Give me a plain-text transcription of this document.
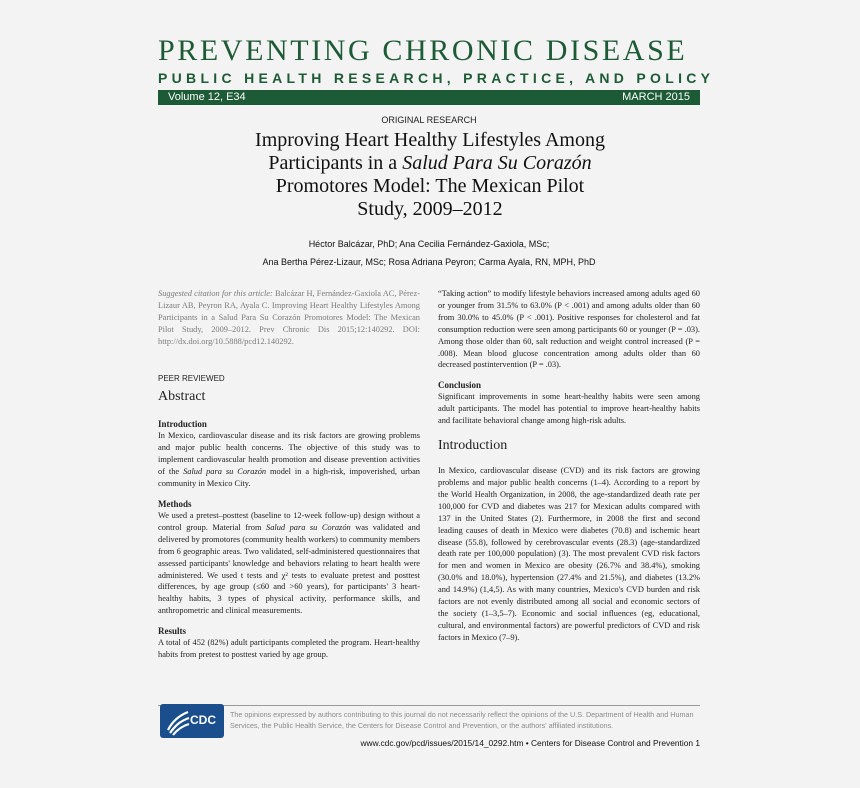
PREVENTING CHRONIC DISEASE
PUBLIC HEALTH RESEARCH, PRACTICE, AND POLICY
Volume 12, E34	MARCH 2015
ORIGINAL RESEARCH
Improving Heart Healthy Lifestyles Among
Participants in a Salud Para Su Corazón
Promotores Model: The Mexican Pilot
Study, 2009–2012
Héctor Balcázar, PhD; Ana Cecilia Fernández-Gaxiola, MSc;
Ana Bertha Pérez-Lizaur, MSc; Rosa Adriana Peyron; Carma Ayala, RN, MPH, PhD

Suggested citation for this article: Balcázar H, Fernández-Gaxiola AC, Pérez-Lizaur AB, Peyron RA, Ayala C. Improving Heart Healthy Lifestyles Among Participants in a Salud Para Su Corazón Promotores Model: The Mexican Pilot Study, 2009–2012. Prev Chronic Dis 2015;12:140292. DOI: http://dx.doi.org/10.5888/pcd12.140292.

PEER REVIEWED
Abstract
Introduction

In Mexico, cardiovascular disease and its risk factors are growing problems and major public health concerns. The objective of this study was to implement cardiovascular health promotion and disease prevention activities of the Salud para su Corazón model in a high-risk, impoverished, urban community in Mexico City.

Methods

We used a pretest–posttest (baseline to 12-week follow-up) design without a control group. Material from Salud para su Corazón was validated and delivered by promotores (community health workers) to community members from 6 geographic areas. Two validated, self-administered questionnaires that assessed participants' knowledge and behaviors relating to heart health were administered. We used t tests and χ² tests to evaluate pretest and posttest differences, by age group (≤60 and >60 years), for participants' 3 heart-healthy habits, 3 types of physical activity, performance skills, and anthropometric and clinical measurements.

Results

A total of 452 (82%) adult participants completed the program. Heart-healthy habits from pretest to posttest varied by age group.

“Taking action” to modify lifestyle behaviors increased among adults aged 60 or younger from 31.5% to 63.0% (P < .001) and among adults older than 60 from 30.0% to 45.0% (P < .001). Positive responses for cholesterol and fat consumption reduction were seen among participants 60 or younger (P = .03). Among those older than 60, salt reduction and weight control increased (P = .008). Mean blood glucose concentration among adults older than 60 decreased postintervention (P = .03).

Conclusion

Significant improvements in some heart-healthy habits were seen among adult participants. The model has potential to improve heart-healthy habits and facilitate behavioral change among high-risk adults.

Introduction

In Mexico, cardiovascular disease (CVD) and its risk factors are growing problems and major public health concerns (1–4). According to a report by the World Health Organization, in 2008, the age-standardized death rate per 100,000 for CVD and diabetes was 217 for Mexican adults compared with 137 in the United States (2). Furthermore, in 2008 the first and second leading causes of death in Mexico were diabetes (70.8) and ischemic heart disease (55.8), followed by cerebrovascular events (28.3) (age-standardized death rate per 100,000 population) (3). The most prevalent CVD risk factors for men and women in Mexico are obesity (26.7% and 38.4%), smoking (30.0% and 18.0%), hypertension (27.4% and 21.5%), and diabetes (13.2% and 14.9%) (1,4,5). As with many countries, Mexico's CVD burden and risk factors are not evenly distributed among all social and economic sectors of the society (1–3,5–7). Economic and social influences (eg, educational, cultural, and environmental factors) are powerful predictors of CVD and risk factors in Mexico (7–9).

CDC The opinions expressed by authors contributing to this journal do not necessarily reflect the opinions of the U.S. Department of Health and Human Services, the Public Health Service, the Centers for Disease Control and Prevention, or the authors' affiliated institutions.
www.cdc.gov/pcd/issues/2015/14_0292.htm • Centers for Disease Control and Prevention 1
